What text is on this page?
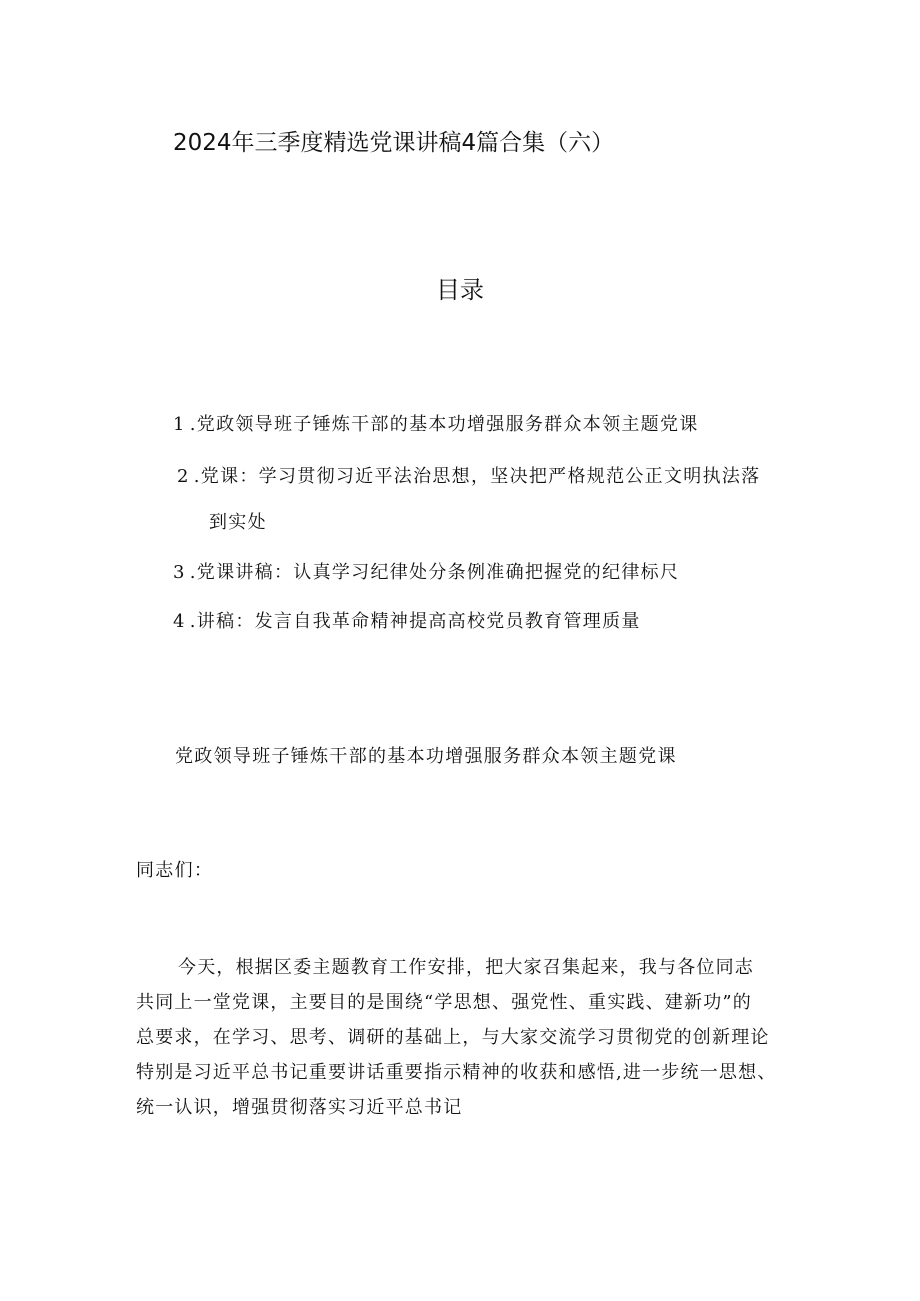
2024年三季度精选党课讲稿4篇合集（六）
目录
1 .党政领导班子锤炼干部的基本功增强服务群众本领主题党课
2 .党课：学习贯彻习近平法治思想，坚决把严格规范公正文明执法落
到实处
3 .党课讲稿：认真学习纪律处分条例准确把握党的纪律标尺
4 .讲稿：发言自我革命精神提高高校党员教育管理质量
党政领导班子锤炼干部的基本功增强服务群众本领主题党课
同志们：
今天，根据区委主题教育工作安排，把大家召集起来，我与各位同志
共同上一堂党课，主要目的是围绕“学思想、强党性、重实践、建新功”的
总要求，在学习、思考、调研的基础上，与大家交流学习贯彻党的创新理论
特别是习近平总书记重要讲话重要指示精神的收获和感悟,进一步统一思想、
统一认识，增强贯彻落实习近平总书记
